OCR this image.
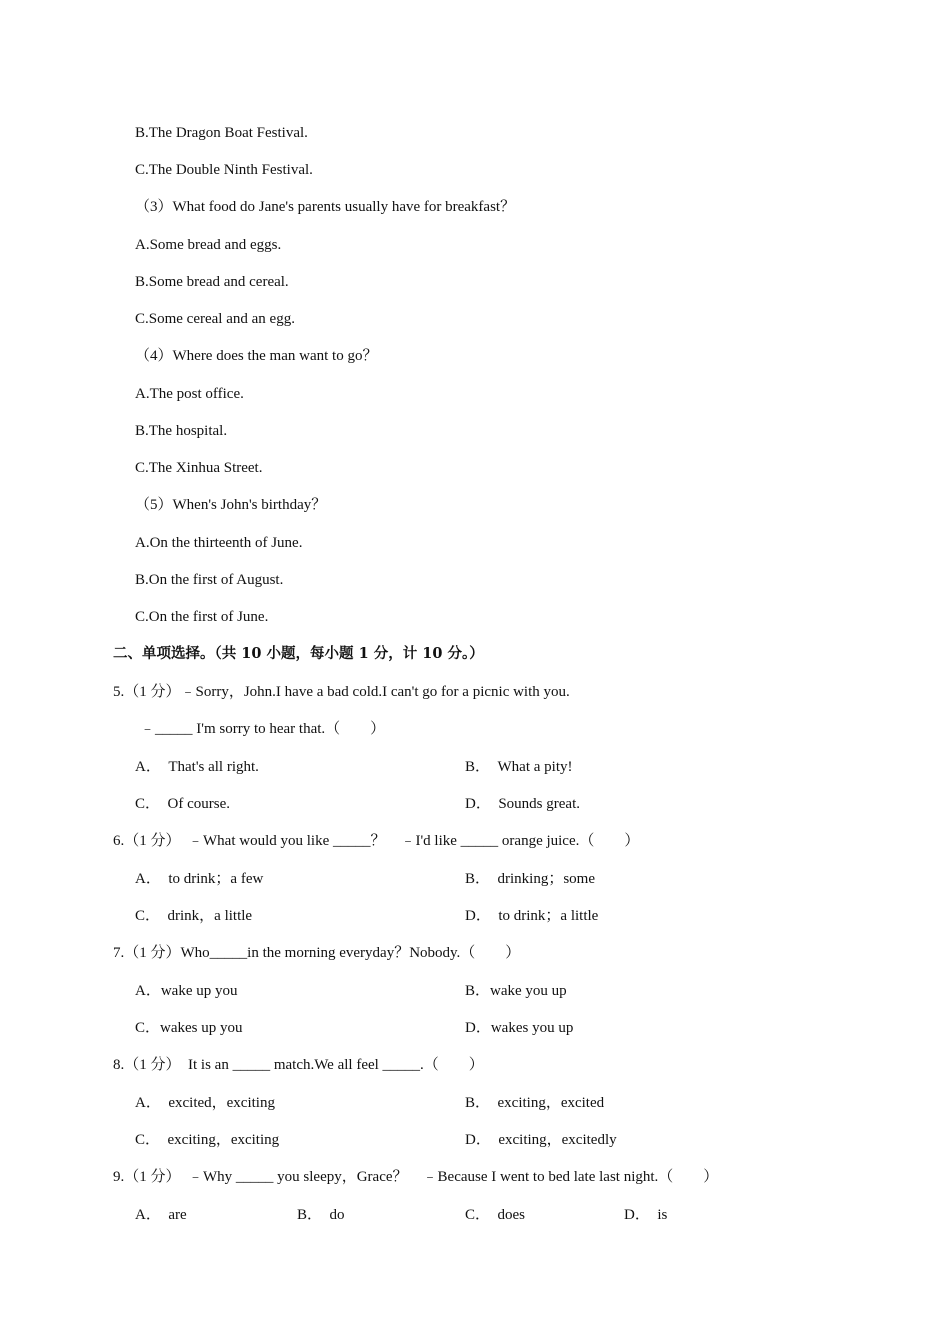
B.The Dragon Boat Festival.
C.The Double Ninth Festival.
（3）What food do Jane's parents usually have for breakfast？
A.Some bread and eggs.
B.Some bread and cereal.
C.Some cereal and an egg.
（4）Where does the man want to go？
A.The post office.
B.The hospital.
C.The Xinhua Street.
（5）When's John's birthday？
A.On the thirteenth of June.
B.On the first of August.
C.On the first of June.
二、单项选择。（共 10 小题，每小题 1 分，计 10 分。）
5.（1 分）﹣Sorry，John.I have a bad cold.I can't go for a picnic with you.
﹣_____ I'm sorry to hear that.（　　）
A．　That's all right.	B．　What a pity!
C．　Of course.	D．　Sounds great.
6.（1 分）　﹣What would you like _____？　﹣I'd like _____ orange juice.（　　）
A．　to drink；a few	B．　drinking；some
C．　drink，a little	D．　to drink；a little
7.（1 分）Who_____in the morning everyday？Nobody.（　　）
A．wake up you	B．wake you up
C．wakes up you	D．wakes you up
8.（1 分）　It is an _____ match.We all feel _____.（　　）
A．　excited，exciting	B．　exciting，excited
C．　exciting，exciting	D．　exciting，excitedly
9.（1 分）　﹣Why _____ you sleepy，Grace？　﹣Because I went to bed late last night.（　　）
A．　are	B．　do	C．　does	D．　is
